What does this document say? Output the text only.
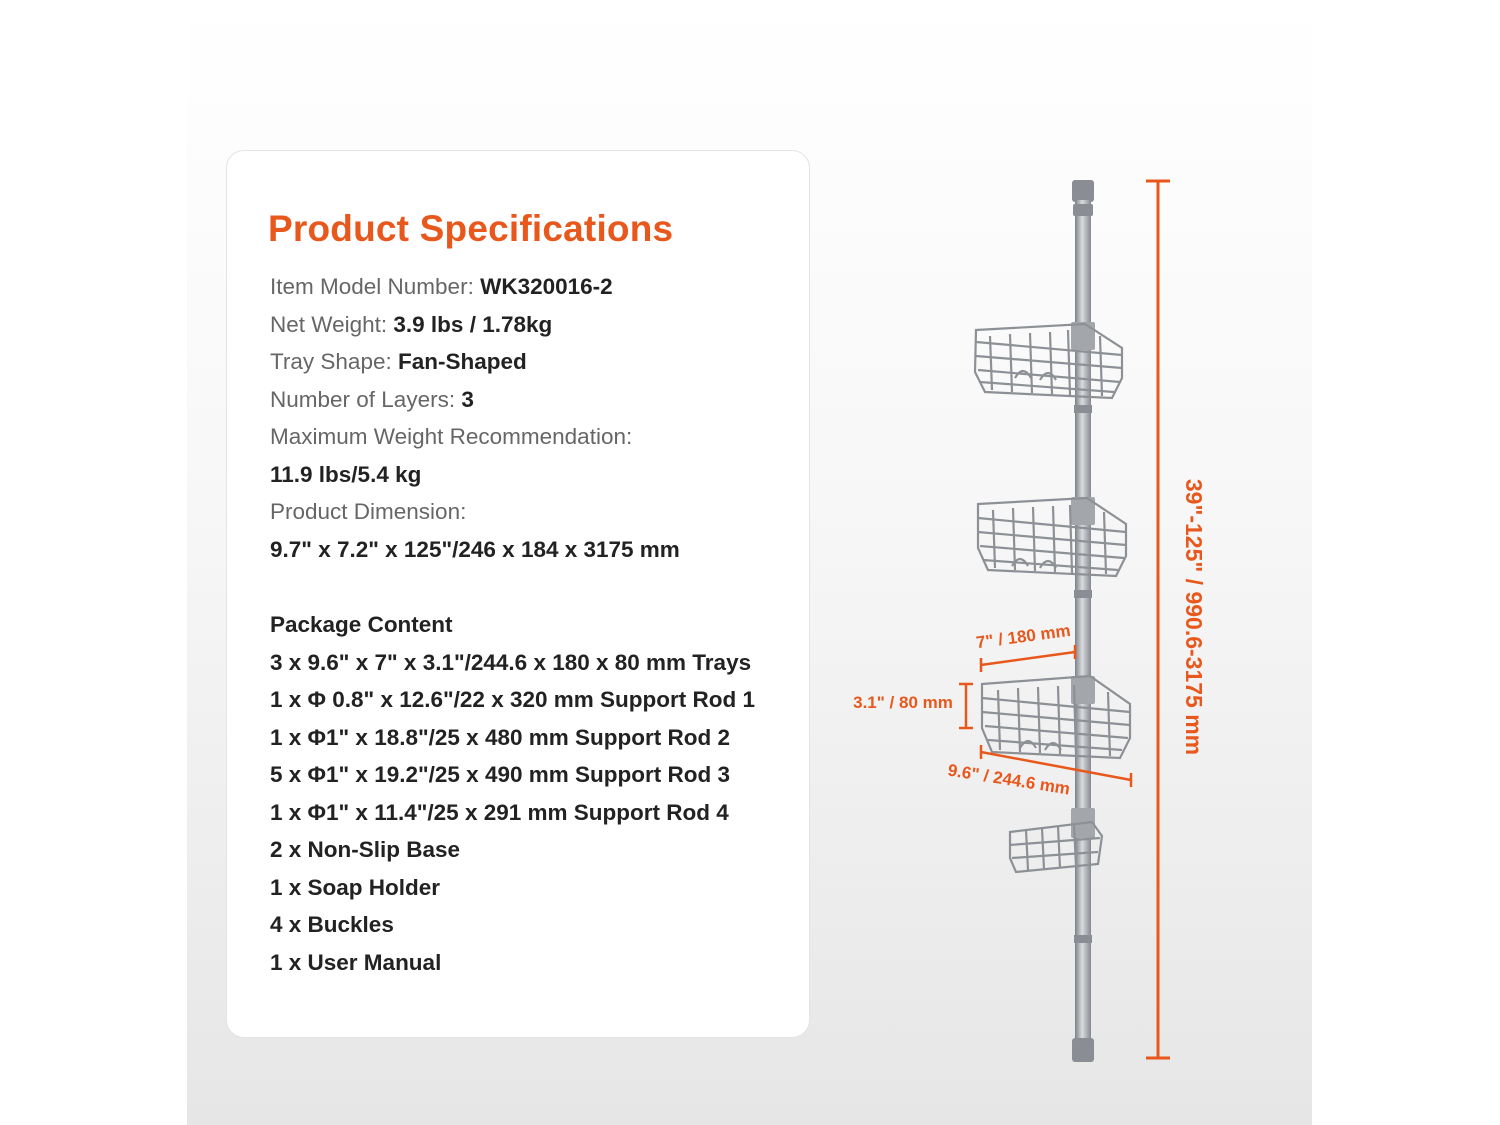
Product Specifications
Item Model Number: WK320016-2
Net Weight: 3.9 lbs / 1.78kg
Tray Shape: Fan-Shaped
Number of Layers: 3
Maximum Weight Recommendation:
11.9 lbs/5.4 kg
Product Dimension:
9.7" x 7.2" x 125"/246 x 184 x 3175 mm
Package Content
3 x 9.6" x 7" x 3.1"/244.6 x 180 x 80 mm Trays
1 x Φ 0.8" x 12.6"/22 x 320 mm Support Rod 1
1 x Φ1" x 18.8"/25 x 480 mm Support Rod 2
5 x Φ1" x 19.2"/25 x 490 mm Support Rod 3
1 x Φ1" x 11.4"/25 x 291 mm Support Rod 4
2 x Non-Slip Base
1 x Soap Holder
4 x Buckles
1 x User Manual
39"-125" / 990.6-3175 mm
7" / 180 mm
3.1" / 80 mm
9.6" / 244.6 mm
